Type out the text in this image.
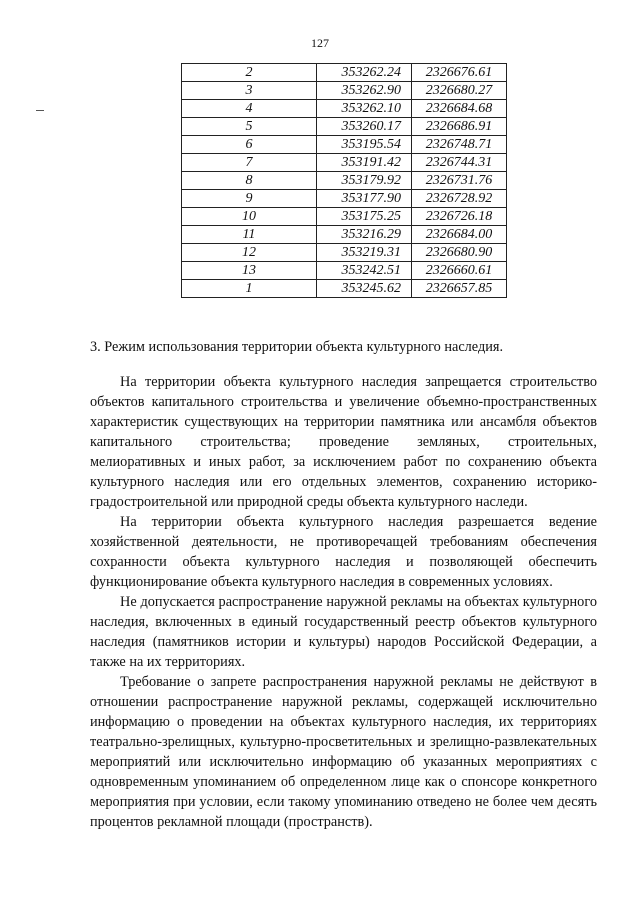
127
2	353262.24	2326676.61
3	353262.90	2326680.27
4	353262.10	2326684.68
5	353260.17	2326686.91
6	353195.54	2326748.71
7	353191.42	2326744.31
8	353179.92	2326731.76
9	353177.90	2326728.92
10	353175.25	2326726.18
11	353216.29	2326684.00
12	353219.31	2326680.90
13	353242.51	2326660.61
1	353245.62	2326657.85
3. Режим использования территории объекта культурного наследия.

На территории объекта культурного наследия запрещается строительство объектов капитального строительства и увеличение объемно-пространственных характеристик существующих на территории памятника или ансамбля объектов капитального строительства; проведение земляных, строительных, мелиоративных и иных работ, за исключением работ по сохранению объекта культурного наследия или его отдельных элементов, сохранению историко-градостроительной или природной среды объекта культурного наследи.

На территории объекта культурного наследия разрешается ведение хозяйственной деятельности, не противоречащей требованиям обеспечения сохранности объекта культурного наследия и позволяющей обеспечить функционирование объекта культурного наследия в современных условиях.

Не допускается распространение наружной рекламы на объектах культурного наследия, включенных в единый государственный реестр объектов культурного наследия (памятников истории и культуры) народов Российской Федерации, а также на их территориях.

Требование о запрете распространения наружной рекламы не действуют в отношении распространение наружной рекламы, содержащей исключительно информацию о проведении на объектах культурного наследия, их территориях театрально-зрелищных, культурно-просветительных и зрелищно-развлекательных мероприятий или исключительно информацию об указанных мероприятиях с одновременным упоминанием об определенном лице как о спонсоре конкретного мероприятия при условии, если такому упоминанию отведено не более чем десять процентов рекламной площади (пространств).
